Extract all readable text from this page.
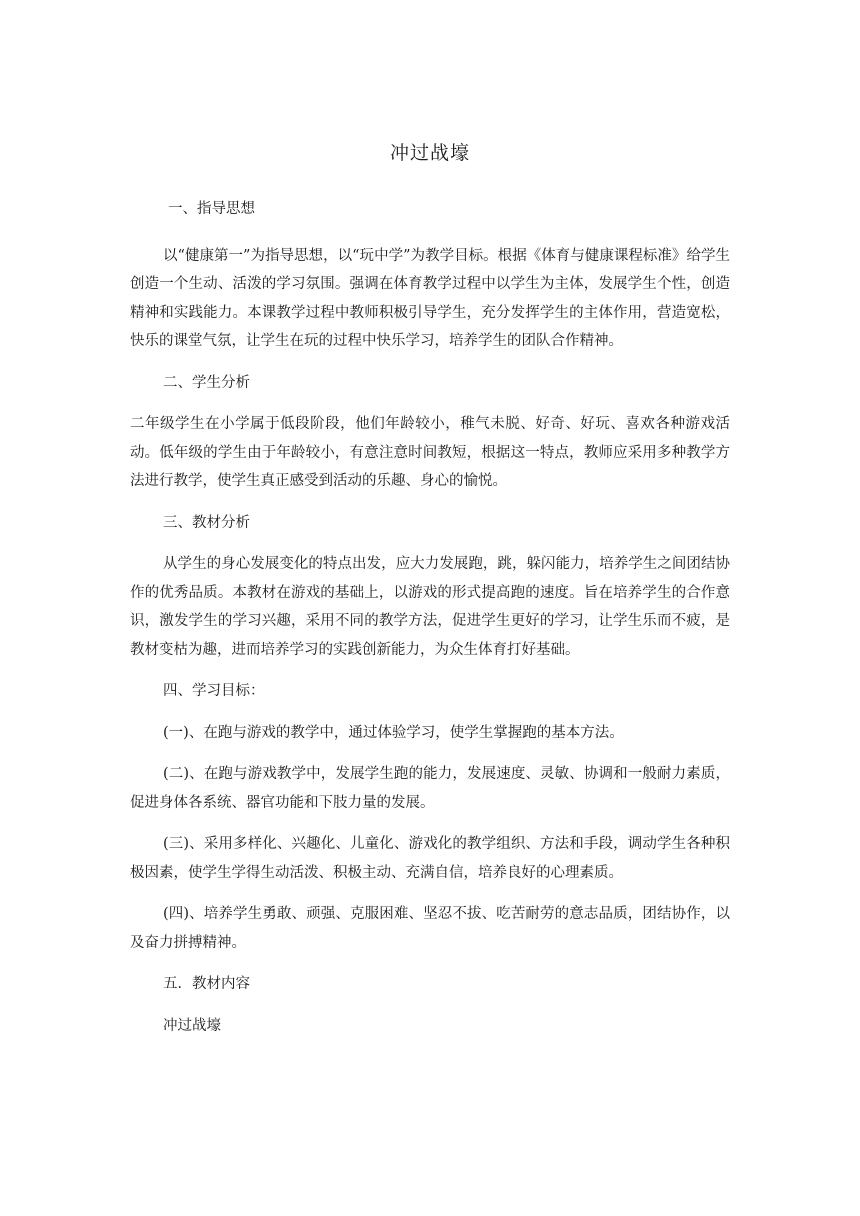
冲过战壕

一、指导思想

以“健康第一”为指导思想，以“玩中学”为教学目标。根据《体育与健康课程标准》给学生创造一个生动、活泼的学习氛围。强调在体育教学过程中以学生为主体，发展学生个性，创造精神和实践能力。本课教学过程中教师积极引导学生，充分发挥学生的主体作用，营造宽松，快乐的课堂气氛，让学生在玩的过程中快乐学习，培养学生的团队合作精神。

二、学生分析

二年级学生在小学属于低段阶段，他们年龄较小，稚气未脱、好奇、好玩、喜欢各种游戏活动。低年级的学生由于年龄较小，有意注意时间教短，根据这一特点，教师应采用多种教学方法进行教学，使学生真正感受到活动的乐趣、身心的愉悦。

三、教材分析

从学生的身心发展变化的特点出发，应大力发展跑，跳，躲闪能力，培养学生之间团结协作的优秀品质。本教材在游戏的基础上，以游戏的形式提高跑的速度。旨在培养学生的合作意识，激发学生的学习兴趣，采用不同的教学方法，促进学生更好的学习，让学生乐而不疲，是教材变枯为趣，进而培养学习的实践创新能力，为众生体育打好基础。

四、学习目标：

(一)、在跑与游戏的教学中，通过体验学习，使学生掌握跑的基本方法。

(二)、在跑与游戏教学中，发展学生跑的能力，发展速度、灵敏、协调和一般耐力素质，促进身体各系统、器官功能和下肢力量的发展。

(三)、采用多样化、兴趣化、儿童化、游戏化的教学组织、方法和手段，调动学生各种积极因素，使学生学得生动活泼、积极主动、充满自信，培养良好的心理素质。

(四)、培养学生勇敢、顽强、克服困难、坚忍不拔、吃苦耐劳的意志品质，团结协作，以及奋力拼搏精神。

五．教材内容

冲过战壕
